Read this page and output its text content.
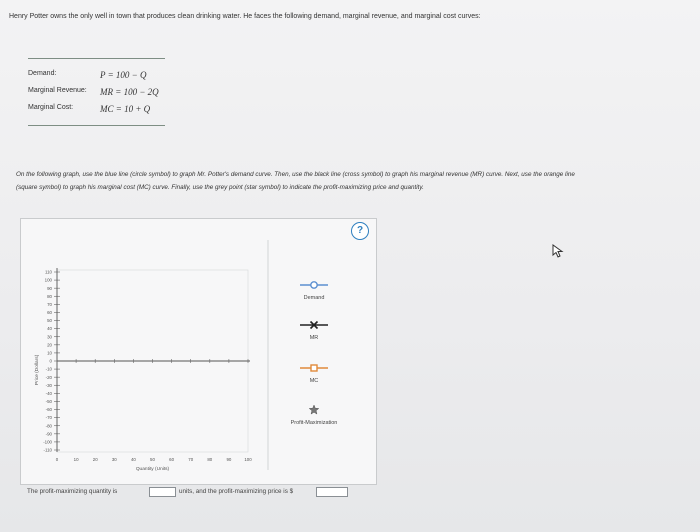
Henry Potter owns the only well in town that produces clean drinking water. He faces the following demand, marginal revenue, and marginal cost curves:
Demand:	P = 100 − Q
Marginal Revenue:	MR = 100 − 2Q
Marginal Cost:	MC = 10 + Q
On the following graph, use the blue line (circle symbol) to graph Mr. Potter's demand curve. Then, use the black line (cross symbol) to graph his marginal revenue (MR) curve. Next, use the orange line (square symbol) to graph his marginal cost (MC) curve. Finally, use the grey point (star symbol) to indicate the profit-maximizing price and quantity.
?
110
100
90
80
70
60
50
40
30
20
10
0
-10
-20
-30
-40
-50
-60
-70
-80
-90
-100
-110
0	10	20	30	40	50	60	70	80	90	100
Price (Dollars)
Quantity (Units)
Demand
MR
MC
Profit-Maximization
The profit-maximizing quantity is	units, and the profit-maximizing price is $
